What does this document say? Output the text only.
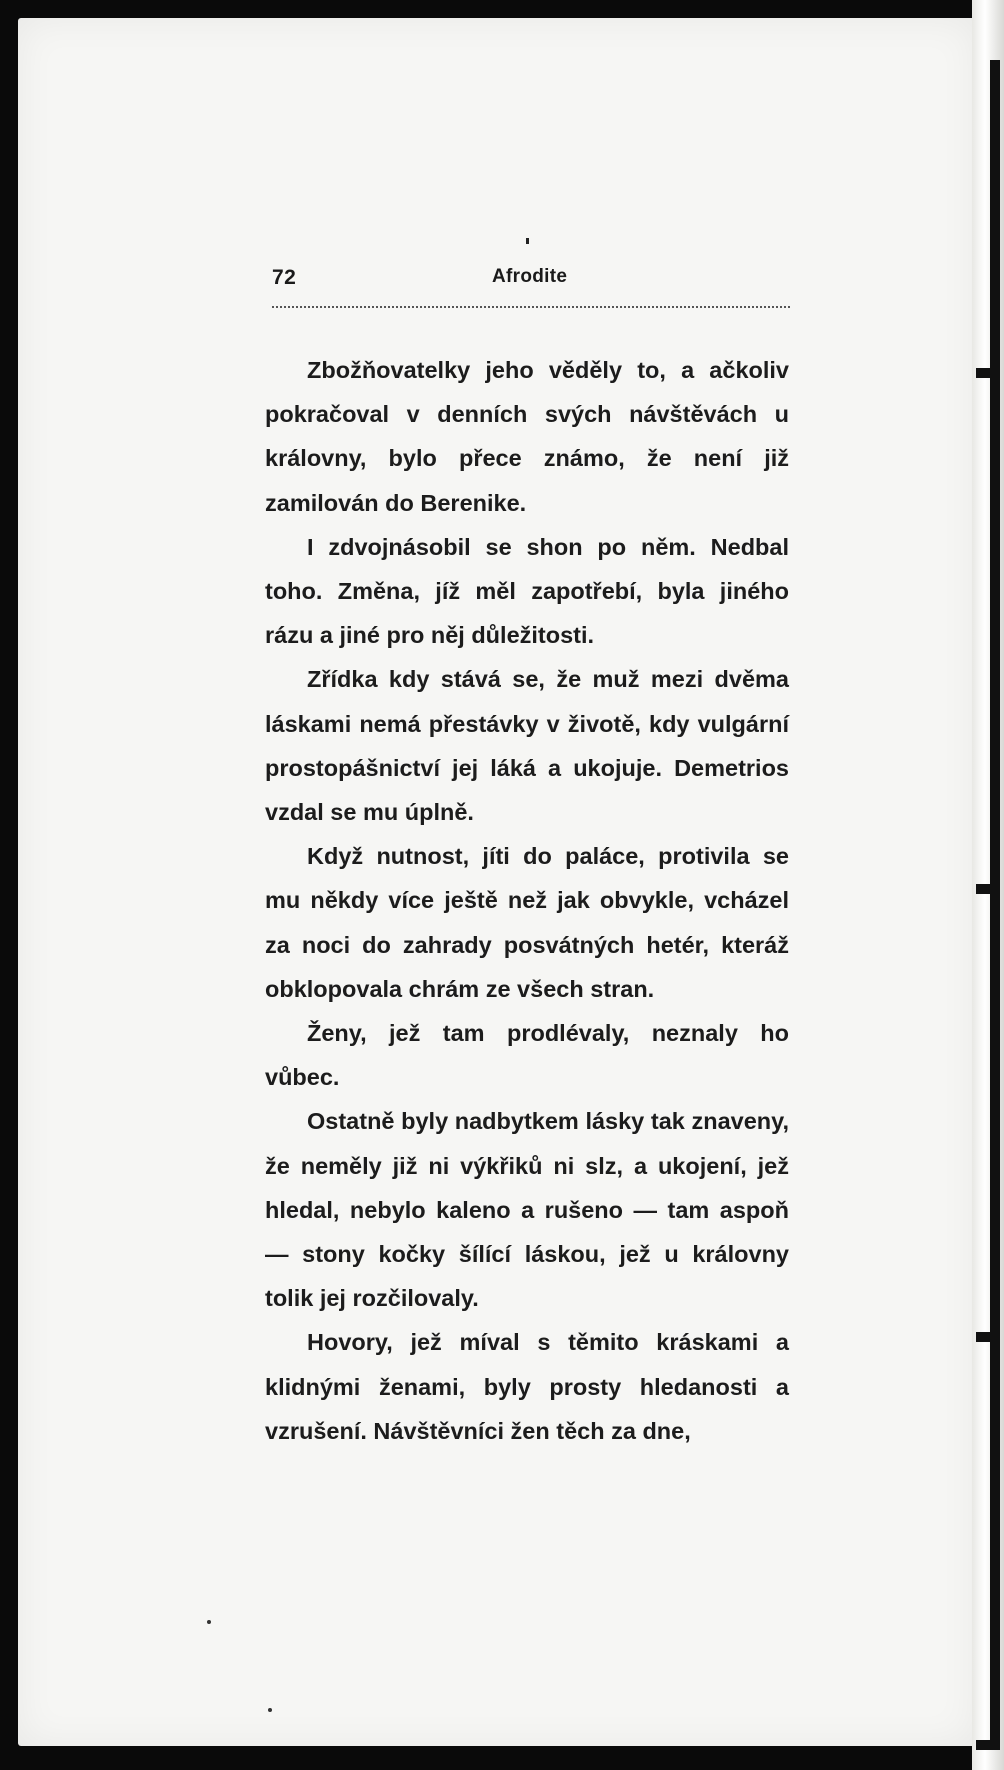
72	Afrodite

Zbožňovatelky jeho věděly to, a ačkoliv pokračoval v denních svých návštěvách u královny, bylo přece známo, že není již zamilován do Berenike.

I zdvojnásobil se shon po něm. Nedbal toho. Změna, jíž měl zapotřebí, byla jiného rázu a jiné pro něj důležitosti.

Zřídka kdy stává se, že muž mezi dvěma láskami nemá přestávky v životě, kdy vulgární prostopášnictví jej láká a ukojuje. Demetrios vzdal se mu úplně.

Když nutnost, jíti do paláce, protivila se mu někdy více ještě než jak obvykle, vcházel za noci do zahrady posvátných hetér, kteráž obklopovala chrám ze všech stran.

Ženy, jež tam prodlévaly, neznaly ho vůbec.

Ostatně byly nadbytkem lásky tak znaveny, že neměly již ni výkřiků ni slz, a ukojení, jež hledal, nebylo kaleno a rušeno — tam aspoň — stony kočky šílící láskou, jež u královny tolik jej rozčilovaly.

Hovory, jež míval s těmito kráskami a klidnými ženami, byly prosty hledanosti a vzrušení. Návštěvníci žen těch za dne,
